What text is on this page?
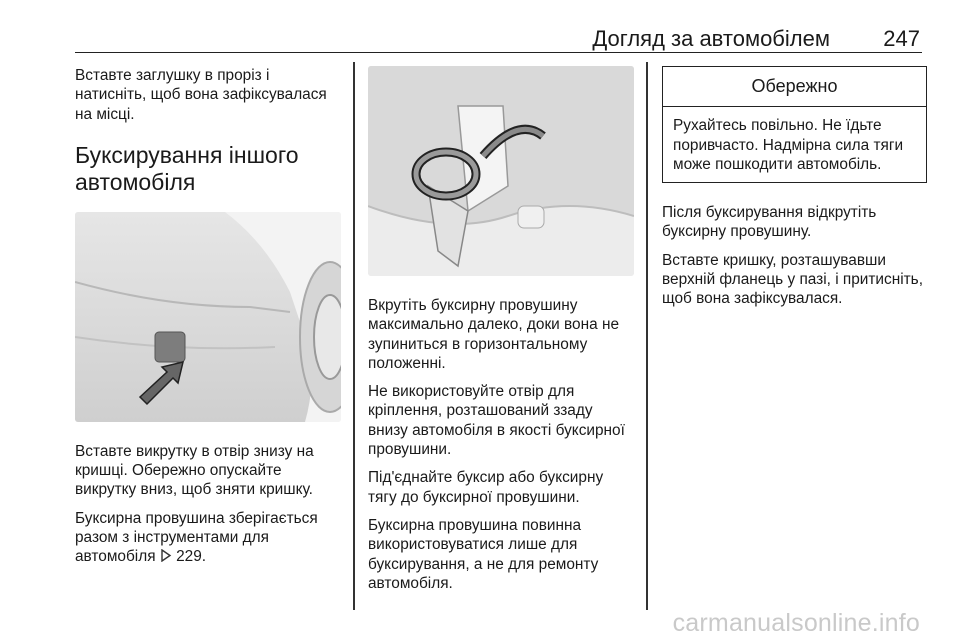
Догляд за автомобілем 247

Вставте заглушку в проріз і натисніть, щоб вона зафіксувалася на місці.

Буксирування іншого автомобіля

Вставте викрутку в отвір знизу на кришці. Обережно опускайте викрутку вниз, щоб зняти кришку.

Буксирна провушина зберігається разом з інструментами для автомобіля 229.

Вкрутіть буксирну провушину максимально далеко, доки вона не зупиниться в горизонтальному положенні.

Не використовуйте отвір для кріплення, розташований ззаду внизу автомобіля в якості буксирної провушини.

Під'єднайте буксир або буксирну тягу до буксирної провушини.

Буксирна провушина повинна використовуватися лише для буксирування, а не для ремонту автомобіля.

Обережно
Рухайтесь повільно. Не їдьте поривчасто. Надмірна сила тяги може пошкодити автомобіль.

Після буксирування відкрутіть буксирну провушину.

Вставте кришку, розташувавши верхній фланець у пазі, і притисніть, щоб вона зафіксувалася.

carmanualsonline.info
